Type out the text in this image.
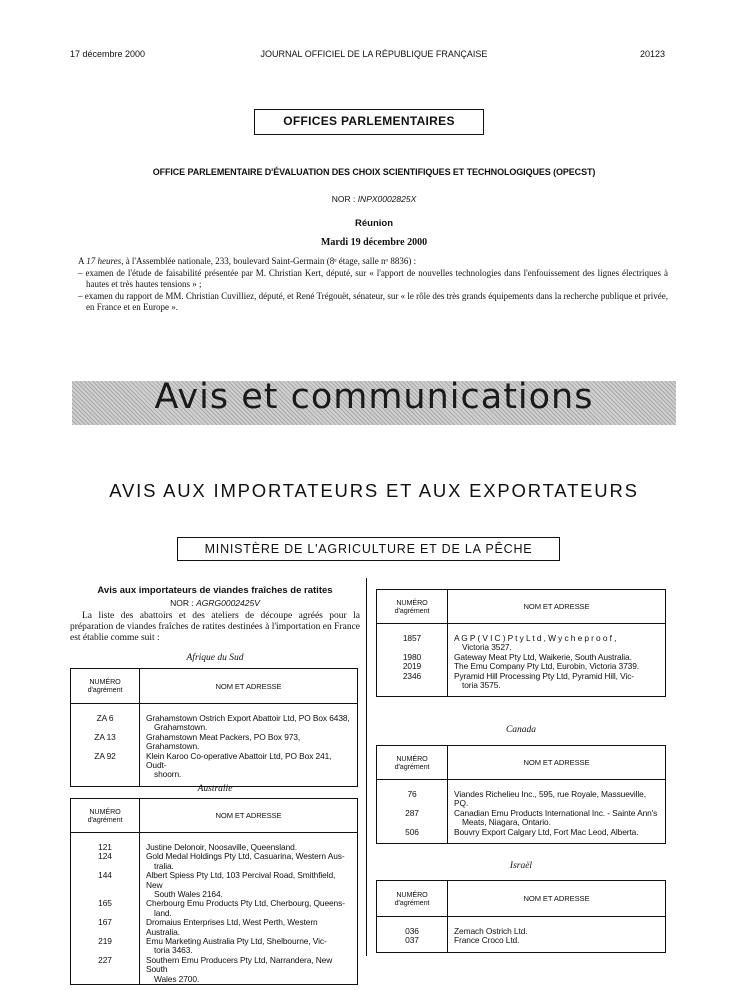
17 décembre 2000	JOURNAL OFFICIEL DE LA RÉPUBLIQUE FRANÇAISE	20123
OFFICES PARLEMENTAIRES
OFFICE PARLEMENTAIRE D'ÉVALUATION DES CHOIX SCIENTIFIQUES ET TECHNOLOGIQUES (OPECST)
NOR : INPX0002825X
Réunion
Mardi 19 décembre 2000
A 17 heures, à l'Assemblée nationale, 233, boulevard Saint-Germain (8ᵉ étage, salle nᵒ 8836) :
– examen de l'étude de faisabilité présentée par M. Christian Kert, député, sur « l'apport de nouvelles technologies dans l'enfouissement des lignes électriques à hautes et très hautes tensions » ;
– examen du rapport de MM. Christian Cuvilliez, député, et René Trégouët, sénateur, sur « le rôle des très grands équipements dans la recherche publique et privée, en France et en Europe ».
Avis et communications
AVIS AUX IMPORTATEURS ET AUX EXPORTATEURS
MINISTÈRE DE L'AGRICULTURE ET DE LA PÊCHE
Avis aux importateurs de viandes fraîches de ratites
NOR : AGRG0002425V
La liste des abattoirs et des ateliers de découpe agréés pour la préparation de viandes fraîches de ratites destinées à l'importation en France est établie comme suit :
Afrique du Sud
NUMÉRO
d'agrément	NOM ET ADRESSE

ZA 6	Grahamstown Ostrich Export Abattoir Ltd, PO Box 6438,
Grahamstown.
ZA 13	Grahamstown Meat Packers, PO Box 973, Grahamstown.
ZA 92	Klein Karoo Co-operative Abattoir Ltd, PO Box 241, Oudt-
shoorn.

Australie
NUMÉRO
d'agrément	NOM ET ADRESSE

121	Justine Delonoir, Noosaville, Queensland.
124	Gold Medal Holdings Pty Ltd, Casuarina, Western Aus-
tralia.
144	Albert Spiess Pty Ltd, 103 Percival Road, Smithfield, New
South Wales 2164.
165	Cherbourg Emu Products Pty Ltd, Cherbourg, Queens-
land.
167	Dromaius Enterprises Ltd, West Perth, Western Australia.
219	Emu Marketing Australia Pty Ltd, Shelbourne, Vic-
toria 3463.
227	Southern Emu Producers Pty Ltd, Narrandera, New South
Wales 2700.
NUMÉRO
d'agrément	NOM ET ADRESSE

1857	A G P ( V I C ) P t y L t d , W y c h e p r o o f ,
Victoria 3527.
1980	Gateway Meat Pty Ltd, Waikerie, South Australia.
2019	The Emu Company Pty Ltd, Eurobin, Victoria 3739.
2346	Pyramid Hill Processing Pty Ltd, Pyramid Hill, Vic-
toria 3575.

Canada
NUMÉRO
d'agrément	NOM ET ADRESSE

76	Viandes Richelieu Inc., 595, rue Royale, Massueville, PQ.
287	Canadian Emu Products International Inc. - Sainte Ann's
Meats, Niagara, Ontario.
506	Bouvry Export Calgary Ltd, Fort Mac Leod, Alberta.

Israël
NUMÉRO
d'agrément	NOM ET ADRESSE

036	Zemach Ostrich Ltd.
037	France Croco Ltd.
